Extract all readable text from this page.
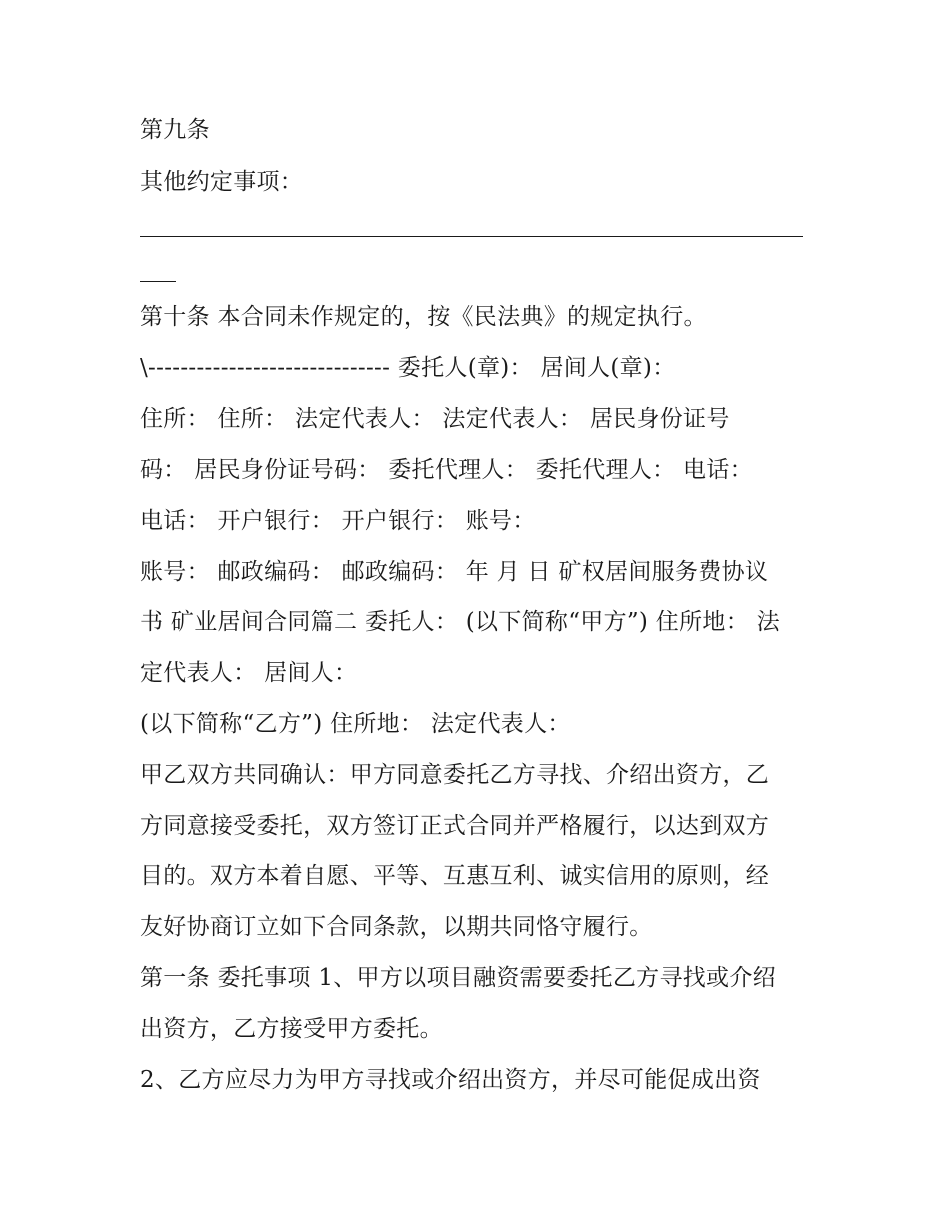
第九条
其他约定事项：
第十条 本合同未作规定的，按《民法典》的规定执行。
\------------------------------ 委托人(章)： 居间人(章)：
住所： 住所： 法定代表人： 法定代表人： 居民身份证号
码： 居民身份证号码： 委托代理人： 委托代理人： 电话：
电话： 开户银行： 开户银行： 账号：
账号： 邮政编码： 邮政编码： 年 月 日 矿权居间服务费协议
书 矿业居间合同篇二 委托人： (以下简称“甲方”) 住所地： 法
定代表人： 居间人：
(以下简称“乙方”) 住所地： 法定代表人：
甲乙双方共同确认：甲方同意委托乙方寻找、介绍出资方，乙
方同意接受委托，双方签订正式合同并严格履行，以达到双方
目的。双方本着自愿、平等、互惠互利、诚实信用的原则，经
友好协商订立如下合同条款，以期共同恪守履行。
第一条 委托事项 1、甲方以项目融资需要委托乙方寻找或介绍
出资方，乙方接受甲方委托。
2、乙方应尽力为甲方寻找或介绍出资方，并尽可能促成出资
